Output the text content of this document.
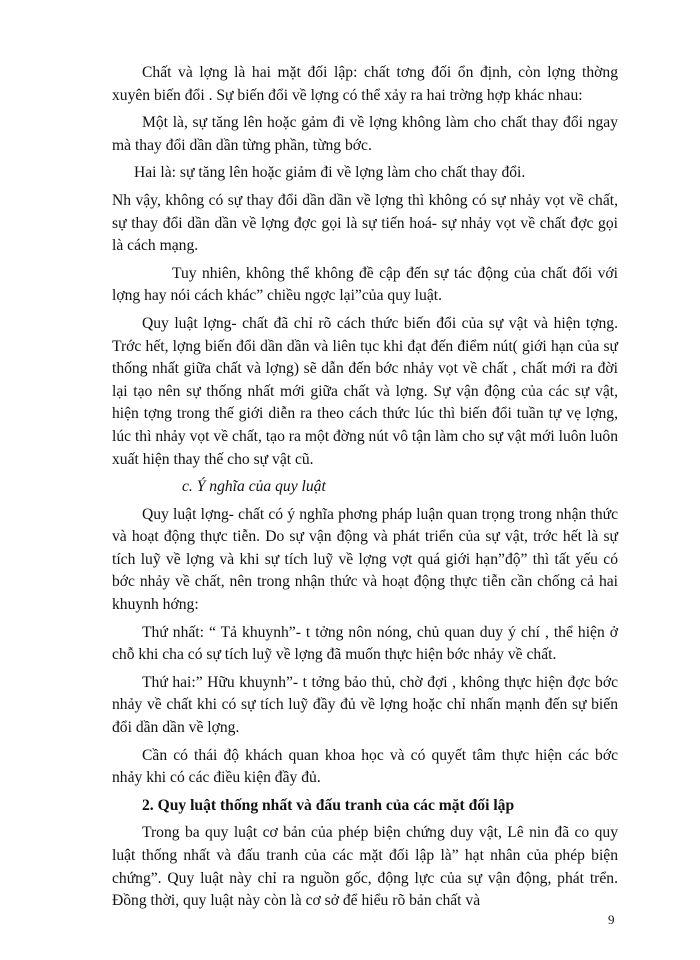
Chất và lợng là hai mặt đối lập: chất tơng đối ổn định, còn lợng thờng xuyên biến đổi . Sự biến đổi về lợng có thể xảy ra hai trờng hợp khác nhau:

Một là, sự tăng lên hoặc gảm đi về lợng không làm cho chất thay đổi ngay mà thay đổi dần dần từng phần, từng bớc.

Hai là: sự tăng lên hoặc giảm đi về lợng làm cho chất thay đổi.

Nh vậy, không có sự thay đổi dần dần về lợng thì không có sự nhảy vọt về chất, sự thay đổi dần dần về lợng đợc gọi là sự tiến hoá- sự nhảy vọt về chất đợc gọi là cách mạng.

Tuy nhiên, không thể không đề cập đến sự tác động của chất đối với lợng hay nói cách khác” chiều ngợc lại”của quy luật.

Quy luật lợng- chất đã chỉ rõ cách thức biến đổi của sự vật và hiện tợng. Trớc hết, lợng biến đổi dần dần và liên tục khi đạt đến điểm nút( giới hạn của sự thống nhất giữa chất và lợng) sẽ dẫn đến bớc nhảy vọt về chất , chất mới ra đời lại tạo nên sự thống nhất mới giữa chất và lợng. Sự vận động của các sự vật, hiện tợng trong thế giới diễn ra theo cách thức lúc thì biến đổi tuần tự vẹ lợng, lúc thì nhảy vọt về chất, tạo ra một đờng nút vô tận làm cho sự vật mới luôn luôn xuất hiện thay thế cho sự vật cũ.

c. Ý nghĩa của quy luật

Quy luật lợng- chất có ý nghĩa phơng pháp luận quan trọng trong nhận thức và hoạt động thực tiễn. Do sự vận động và phát triển của sự vật, trớc hết là sự tích luỹ về lợng và khi sự tích luỹ về lợng vợt quá giới hạn”độ” thì tất yếu có bớc nhảy về chất, nên trong nhận thức và hoạt động thực tiễn cần chống cả hai khuynh hớng:

Thứ nhất: “ Tả khuynh”- t tởng nôn nóng, chủ quan duy ý chí , thể hiện ở chỗ khi cha có sự tích luỹ về lợng đã muốn thực hiện bớc nhảy về chất.

Thứ hai:” Hữu khuynh”- t tởng bảo thủ, chờ đợi , không thực hiện đợc bớc nhảy về chất khi có sự tích luỹ đầy đủ về lợng hoặc chỉ nhấn mạnh đến sự biến đổi dần dần về lợng.

Cần có thái độ khách quan khoa học và có quyết tâm thực hiện các bớc nhảy khi có các điều kiện đầy đủ.

2. Quy luật thống nhất và đấu tranh của các mặt đối lập

Trong ba quy luật cơ bản của phép biện chứng duy vật, Lê nin đã co quy luật thống nhất và đấu tranh của các mặt đối lập là” hạt nhân của phép biện chứng”. Quy luật này chỉ ra nguồn gốc, động lực của sự vận động, phát trển. Đồng thời, quy luật này còn là cơ sở để hiểu rõ bản chất và

9
